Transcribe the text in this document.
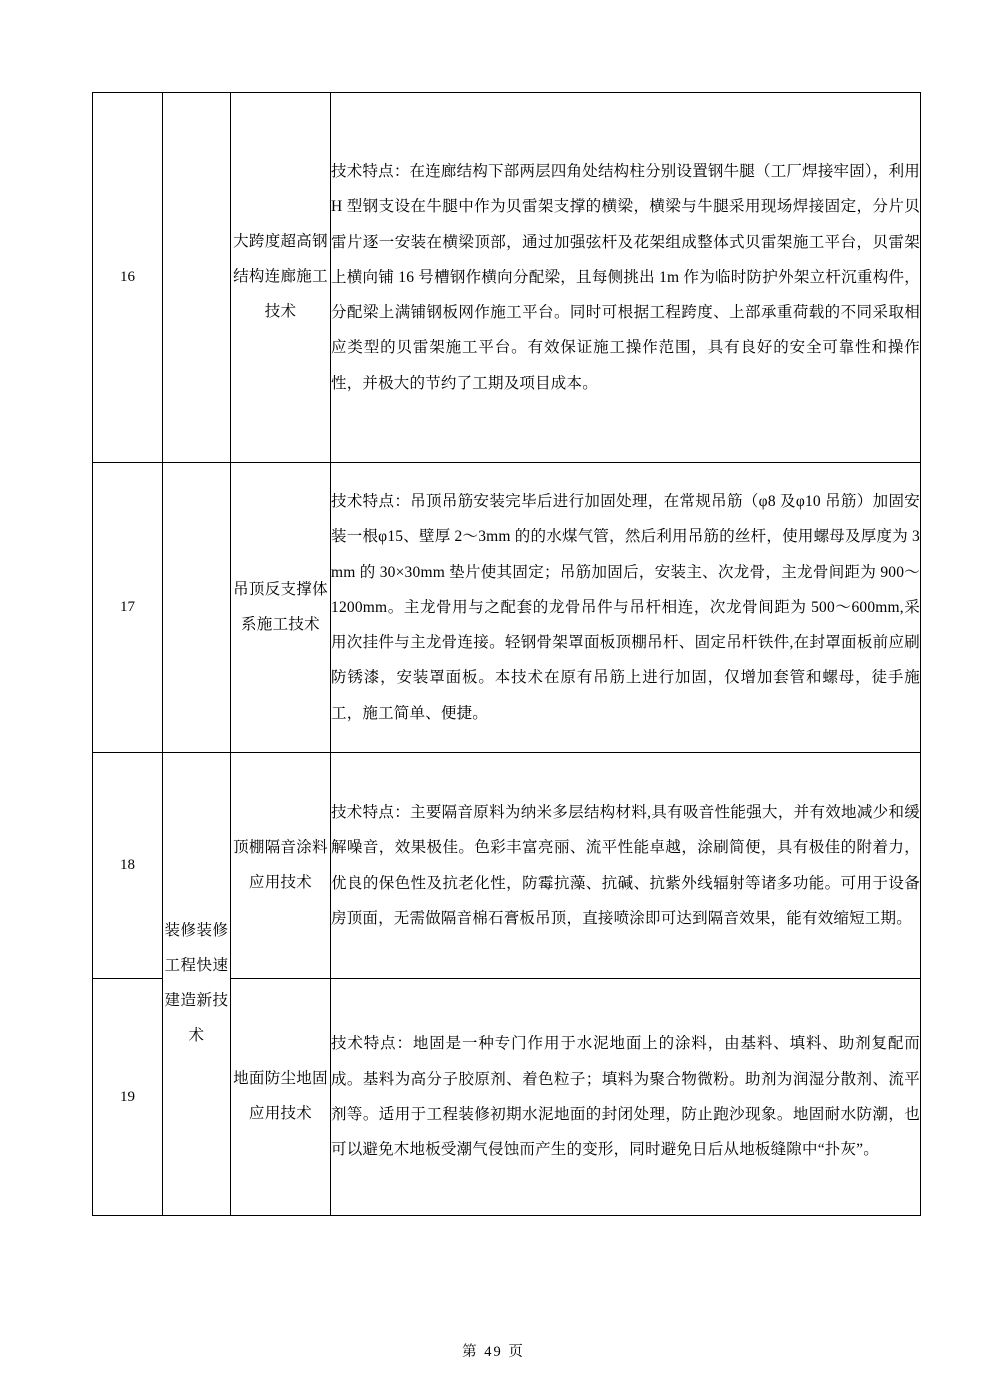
16		大跨度超高钢结构连廊施工技术	技术特点：在连廊结构下部两层四角处结构柱分别设置钢牛腿（工厂焊接牢固），利用 H 型钢支设在牛腿中作为贝雷架支撑的横梁，横梁与牛腿采用现场焊接固定，分片贝雷片逐一安装在横梁顶部，通过加强弦杆及花架组成整体式贝雷架施工平台，贝雷架上横向铺 16 号槽钢作横向分配梁，且每侧挑出 1m 作为临时防护外架立杆沉重构件，分配梁上满铺钢板网作施工平台。同时可根据工程跨度、上部承重荷载的不同采取相应类型的贝雷架施工平台。有效保证施工操作范围，具有良好的安全可靠性和操作性，并极大的节约了工期及项目成本。
17		吊顶反支撑体系施工技术	技术特点：吊顶吊筋安装完毕后进行加固处理，在常规吊筋（φ8 及φ10 吊筋）加固安装一根φ15、壁厚 2～3mm 的的水煤气管，然后利用吊筋的丝杆，使用螺母及厚度为 3mm 的 30×30mm 垫片使其固定；吊筋加固后，安装主、次龙骨，主龙骨间距为 900～1200mm。主龙骨用与之配套的龙骨吊件与吊杆相连，次龙骨间距为 500～600mm,采用次挂件与主龙骨连接。轻钢骨架罩面板顶棚吊杆、固定吊杆铁件,在封罩面板前应刷防锈漆，安装罩面板。本技术在原有吊筋上进行加固，仅增加套管和螺母，徒手施工，施工简单、便捷。
18	装修装修工程快速建造新技术	顶棚隔音涂料应用技术	技术特点：主要隔音原料为纳米多层结构材料,具有吸音性能强大，并有效地减少和缓解噪音，效果极佳。色彩丰富亮丽、流平性能卓越，涂刷简便，具有极佳的附着力，优良的保色性及抗老化性，防霉抗藻、抗碱、抗紫外线辐射等诸多功能。可用于设备房顶面，无需做隔音棉石膏板吊顶，直接喷涂即可达到隔音效果，能有效缩短工期。
19		地面防尘地固应用技术	技术特点：地固是一种专门作用于水泥地面上的涂料，由基料、填料、助剂复配而成。基料为高分子胶原剂、着色粒子；填料为聚合物微粉。助剂为润湿分散剂、流平剂等。适用于工程装修初期水泥地面的封闭处理，防止跑沙现象。地固耐水防潮，也可以避免木地板受潮气侵蚀而产生的变形，同时避免日后从地板缝隙中“扑灰”。
第 49 页
